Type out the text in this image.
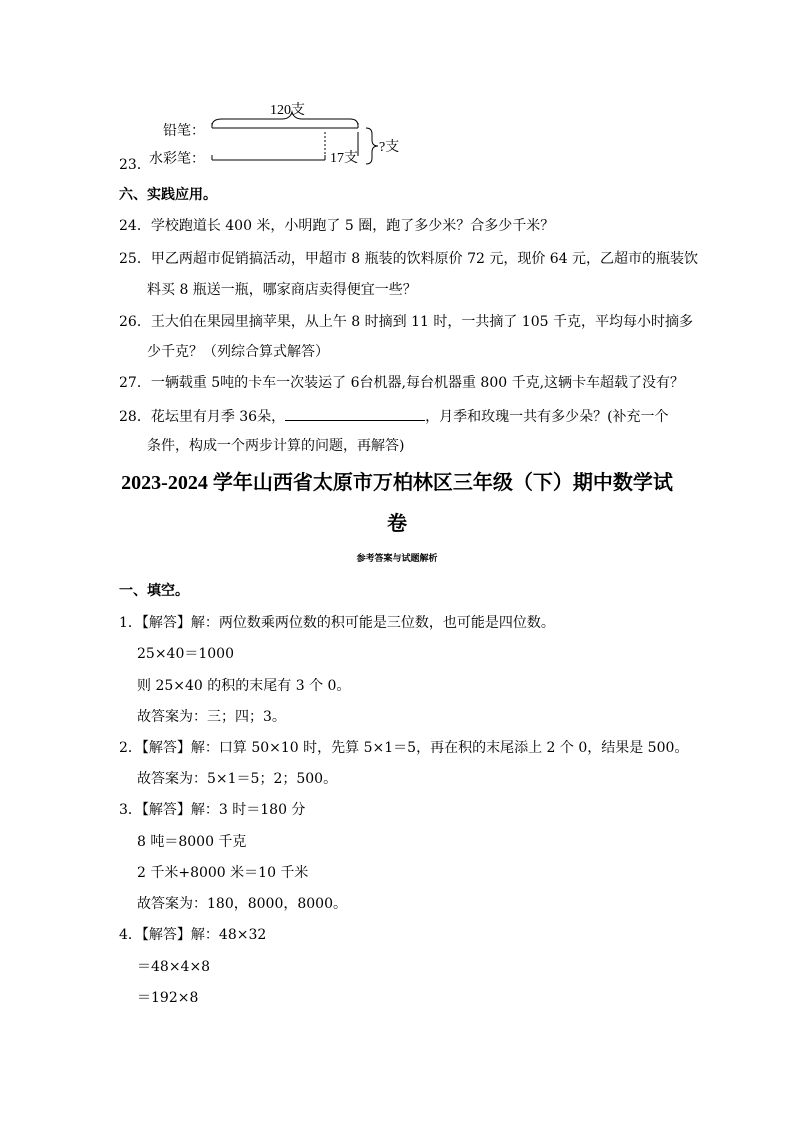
120支
17支
?支
铅笔：
水彩笔：
23．
六、实践应用。
24．学校跑道长 400 米，小明跑了 5 圈，跑了多少米？合多少千米？
25．甲乙两超市促销搞活动，甲超市 8 瓶装的饮料原价 72 元，现价 64 元，乙超市的瓶装饮
料买 8 瓶送一瓶，哪家商店卖得便宜一些？
26．王大伯在果园里摘苹果，从上午 8 时摘到 11 时，一共摘了 105 千克，平均每小时摘多
少千克？（列综合算式解答）
27．一辆载重 5吨的卡车一次装运了 6台机器,每台机器重 800 千克,这辆卡车超载了没有？
28．花坛里有月季 36朵，	，月季和玫瑰一共有多少朵？(补充一个
条件，构成一个两步计算的问题，再解答)
2023-2024 学年山西省太原市万柏林区三年级（下）期中数学试
卷
参考答案与试题解析
一、填空。
1．【解答】解：两位数乘两位数的积可能是三位数，也可能是四位数。
25×40＝1000
则 25×40 的积的末尾有 3 个 0。
故答案为：三；四；3。
2．【解答】解：口算 50×10 时，先算 5×1＝5，再在积的末尾添上 2 个 0，结果是 500。
故答案为：5×1＝5；2；500。
3．【解答】解：3 时＝180 分
8 吨＝8000 千克
2 千米+8000 米＝10 千米
故答案为：180，8000，8000。
4．【解答】解：48×32
＝48×4×8
＝192×8
